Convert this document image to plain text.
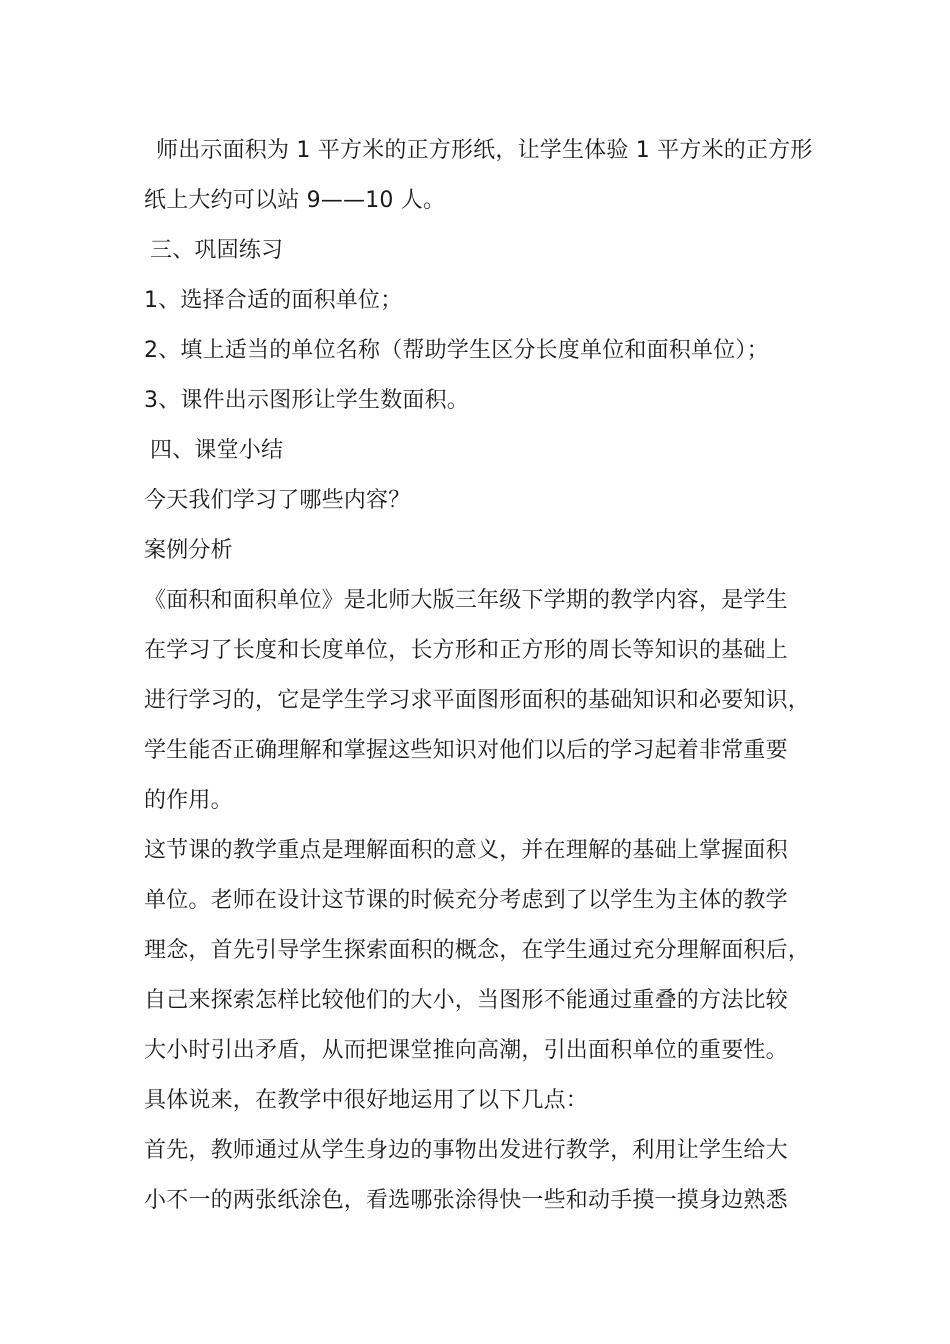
师出示面积为 1 平方米的正方形纸，让学生体验 1 平方米的正方形
纸上大约可以站 9——10 人。
三、巩固练习
1、选择合适的面积单位；
2、填上适当的单位名称（帮助学生区分长度单位和面积单位）；
3、课件出示图形让学生数面积。
四、课堂小结
今天我们学习了哪些内容？
案例分析
《面积和面积单位》是北师大版三年级下学期的教学内容，是学生
在学习了长度和长度单位，长方形和正方形的周长等知识的基础上
进行学习的，它是学生学习求平面图形面积的基础知识和必要知识，
学生能否正确理解和掌握这些知识对他们以后的学习起着非常重要
的作用。
这节课的教学重点是理解面积的意义，并在理解的基础上掌握面积
单位。老师在设计这节课的时候充分考虑到了以学生为主体的教学
理念，首先引导学生探索面积的概念，在学生通过充分理解面积后，
自己来探索怎样比较他们的大小，当图形不能通过重叠的方法比较
大小时引出矛盾，从而把课堂推向高潮，引出面积单位的重要性。
具体说来，在教学中很好地运用了以下几点：
首先，教师通过从学生身边的事物出发进行教学，利用让学生给大
小不一的两张纸涂色，看选哪张涂得快一些和动手摸一摸身边熟悉
